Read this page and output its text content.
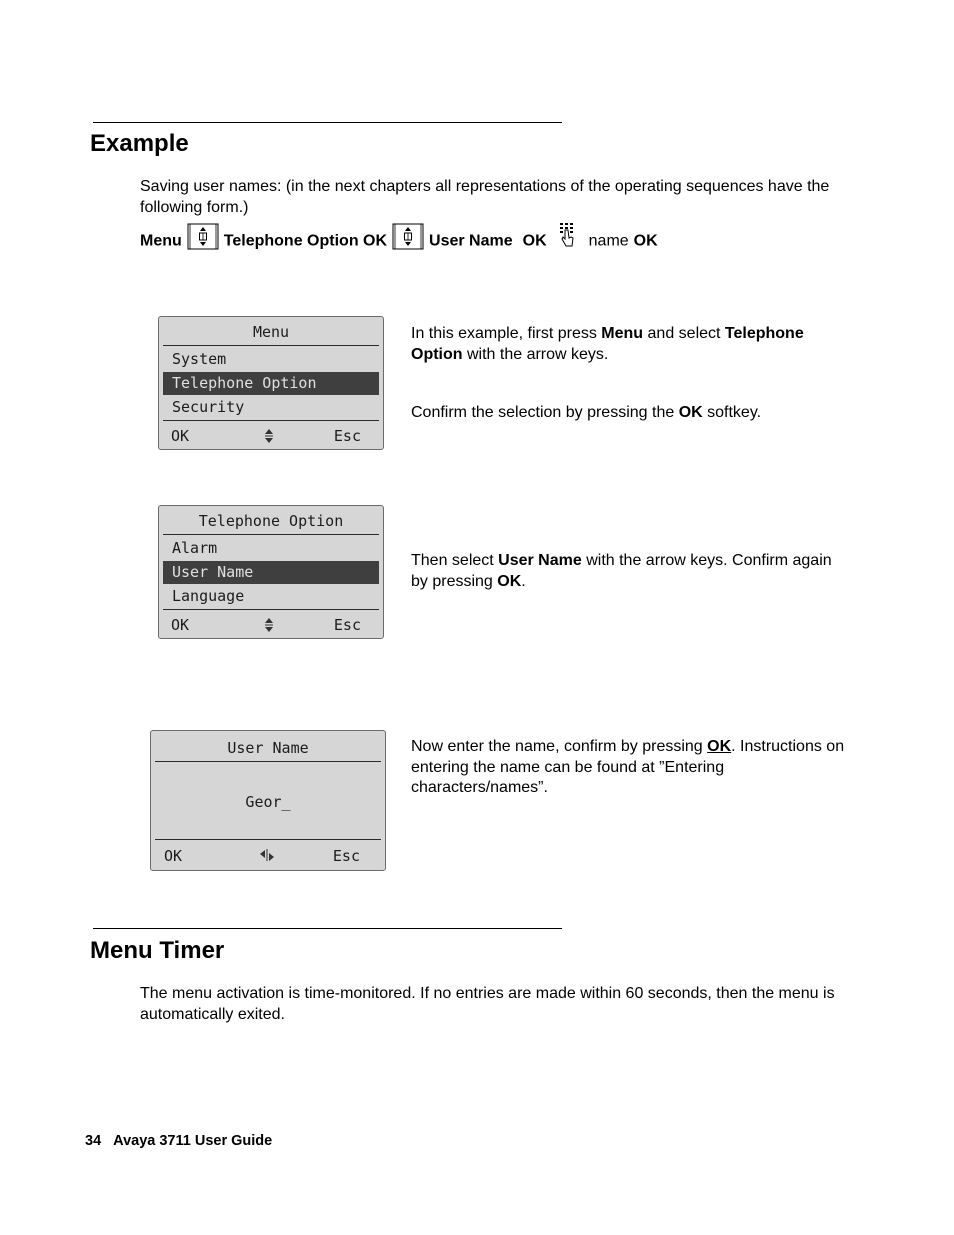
Example

Saving user names: (in the next chapters all representations of the operating sequences have the following form.)

Menu	Telephone Option OK	User Name OK	name OK
Menu
System
Telephone Option
Security
OK	Esc

In this example, first press Menu and select Telephone Option with the arrow keys.

Confirm the selection by pressing the OK softkey.

Telephone Option
Alarm
User Name
Language
OK	Esc

Then select User Name with the arrow keys. Confirm again by pressing OK.

User Name
Geor_
OK	Esc

Now enter the name, confirm by pressing OK. Instructions on entering the name can be found at ”Entering characters/names”.

Menu Timer

The menu activation is time-monitored. If no entries are made within 60 seconds, then the menu is automatically exited.

34 Avaya 3711 User Guide
